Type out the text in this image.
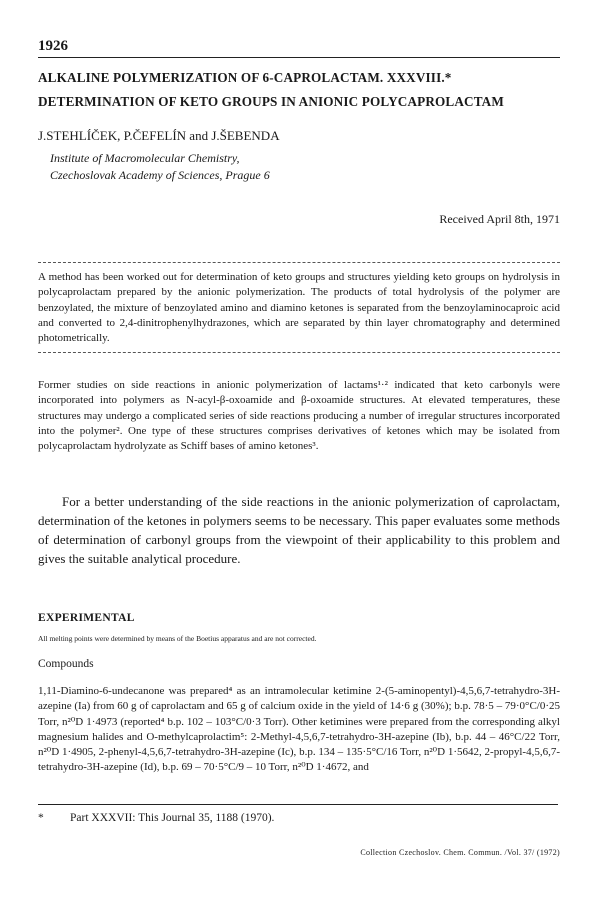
1926
ALKALINE POLYMERIZATION OF 6-CAPROLACTAM. XXXVIII.*
DETERMINATION OF KETO GROUPS IN ANIONIC POLYCAPROLACTAM
J.STEHLÍČEK, P.ČEFELÍN and J.ŠEBENDA
Institute of Macromolecular Chemistry,
Czechoslovak Academy of Sciences, Prague 6
Received April 8th, 1971
A method has been worked out for determination of keto groups and structures yielding keto groups on hydrolysis in polycaprolactam prepared by the anionic polymerization. The products of total hydrolysis of the polymer are benzoylated, the mixture of benzoylated amino and diamino ketones is separated from the benzoylaminocaproic acid and converted to 2,4-dinitrophenylhydrazones, which are separated by thin layer chromatography and determined photometrically.
Former studies on side reactions in anionic polymerization of lactams¹·² indicated that keto carbonyls were incorporated into polymers as N-acyl-β-oxoamide and β-oxoamide structures. At elevated temperatures, these structures may undergo a complicated series of side reactions producing a number of irregular structures incorporated into the polymer². One type of these structures comprises derivatives of ketones which may be isolated from polycaprolactam hydrolyzate as Schiff bases of amino ketones³.
For a better understanding of the side reactions in the anionic polymerization of caprolactam, determination of the ketones in polymers seems to be necessary. This paper evaluates some methods of determination of carbonyl groups from the viewpoint of their applicability to this problem and gives the suitable analytical procedure.
EXPERIMENTAL
All melting points were determined by means of the Boetius apparatus and are not corrected.
Compounds
1,11-Diamino-6-undecanone was prepared⁴ as an intramolecular ketimine 2-(5-aminopentyl)-4,5,6,7-tetrahydro-3H-azepine (Ia) from 60 g of caprolactam and 65 g of calcium oxide in the yield of 14·6 g (30%); b.p. 78·5 – 79·0°C/0·25 Torr, n²⁰D 1·4973 (reported⁴ b.p. 102 – 103°C/0·3 Torr). Other ketimines were prepared from the corresponding alkyl magnesium halides and O-methylcaprolactim⁵: 2-Methyl-4,5,6,7-tetrahydro-3H-azepine (Ib), b.p. 44 – 46°C/22 Torr, n²⁰D 1·4905, 2-phenyl-4,5,6,7-tetrahydro-3H-azepine (Ic), b.p. 134 – 135·5°C/16 Torr, n²⁰D 1·5642, 2-propyl-4,5,6,7-tetrahydro-3H-azepine (Id), b.p. 69 – 70·5°C/9 – 10 Torr, n²⁰D 1·4672, and
* Part XXXVII: This Journal 35, 1188 (1970).
Collection Czechoslov. Chem. Commun. /Vol. 37/ (1972)
